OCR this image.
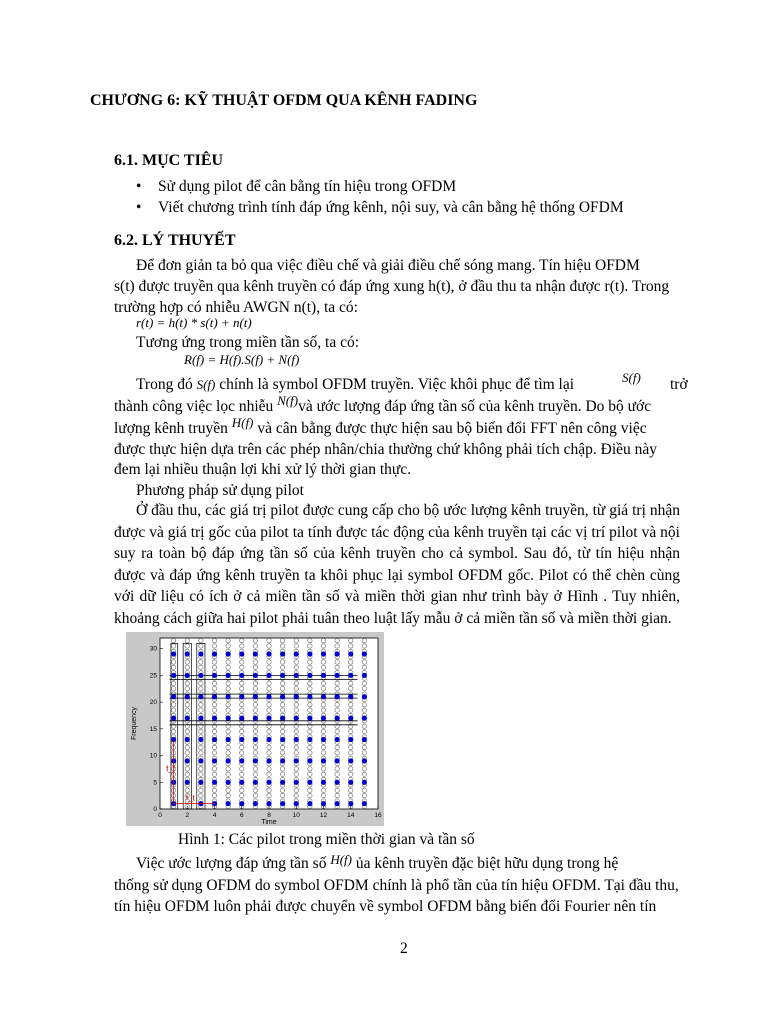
CHƯƠNG 6: KỸ THUẬT OFDM QUA KÊNH FADING
6.1. MỤC TIÊU
• Sử dụng pilot để cân bằng tín hiệu trong OFDM
• Viết chương trình tính đáp ứng kênh, nội suy, và cân bằng hệ thống OFDM
6.2. LÝ THUYẾT
Để đơn giản ta bỏ qua việc điều chế và giải điều chế sóng mang. Tín hiệu OFDM
s(t) được truyền qua kênh truyền có đáp ứng xung h(t), ở đầu thu ta nhận được r(t). Trong
trường hợp có nhiễu AWGN n(t), ta có:
r(t) = h(t) * s(t) + n(t)
Tương ứng trong miền tần số, ta có:
R(f) = H(f).S(f) + N(f)
Trong đó S(f) chính là symbol OFDM truyền. Việc khôi phục để tìm lại	S(f) trở
thành công việc lọc nhiễu $^{N(f)}$và ước lượng đáp ứng tần số của kênh truyền. Do bộ ước
lượng kênh truyền $^{H(f)}$ và cân bằng được thực hiện sau bộ biến đổi FFT nên công việc
được thực hiện dựa trên các phép nhân/chia thường chứ không phải tích chập. Điều này
đem lại nhiều thuận lợi khi xử lý thời gian thực.
Phương pháp sử dụng pilot
Ở đầu thu, các giá trị pilot được cung cấp cho bộ ước lượng kênh truyền, từ giá trị nhận được và giá trị gốc của pilot ta tính được tác động của kênh truyền tại các vị trí pilot và nội suy ra toàn bộ đáp ứng tần số của kênh truyền cho cả symbol. Sau đó, từ tín hiệu nhận được và đáp ứng kênh truyền ta khôi phục lại symbol OFDM gốc. Pilot có thể chèn cùng với dữ liệu có ích ở cả miền tần số và miền thời gian như trình bày ở Hình . Tuy nhiên, khoảng cách giữa hai pilot phải tuân theo luật lấy mẫu ở cả miền tần số và miền thời gian.
f_f
f_t
0	2	4	6	8	10	12	14	16
0
5
10
15
20
25
30
Time
Frequency
Hình 1: Các pilot trong miền thời gian và tần số
Việc ước lượng đáp ứng tần số $^{H(f)}$ ủa kênh truyền đặc biệt hữu dụng trong hệ
thống sử dụng OFDM do symbol OFDM chính là phổ tần của tín hiệu OFDM. Tại đầu thu,
tín hiệu OFDM luôn phải được chuyển về symbol OFDM bằng biến đổi Fourier nên tín
2
